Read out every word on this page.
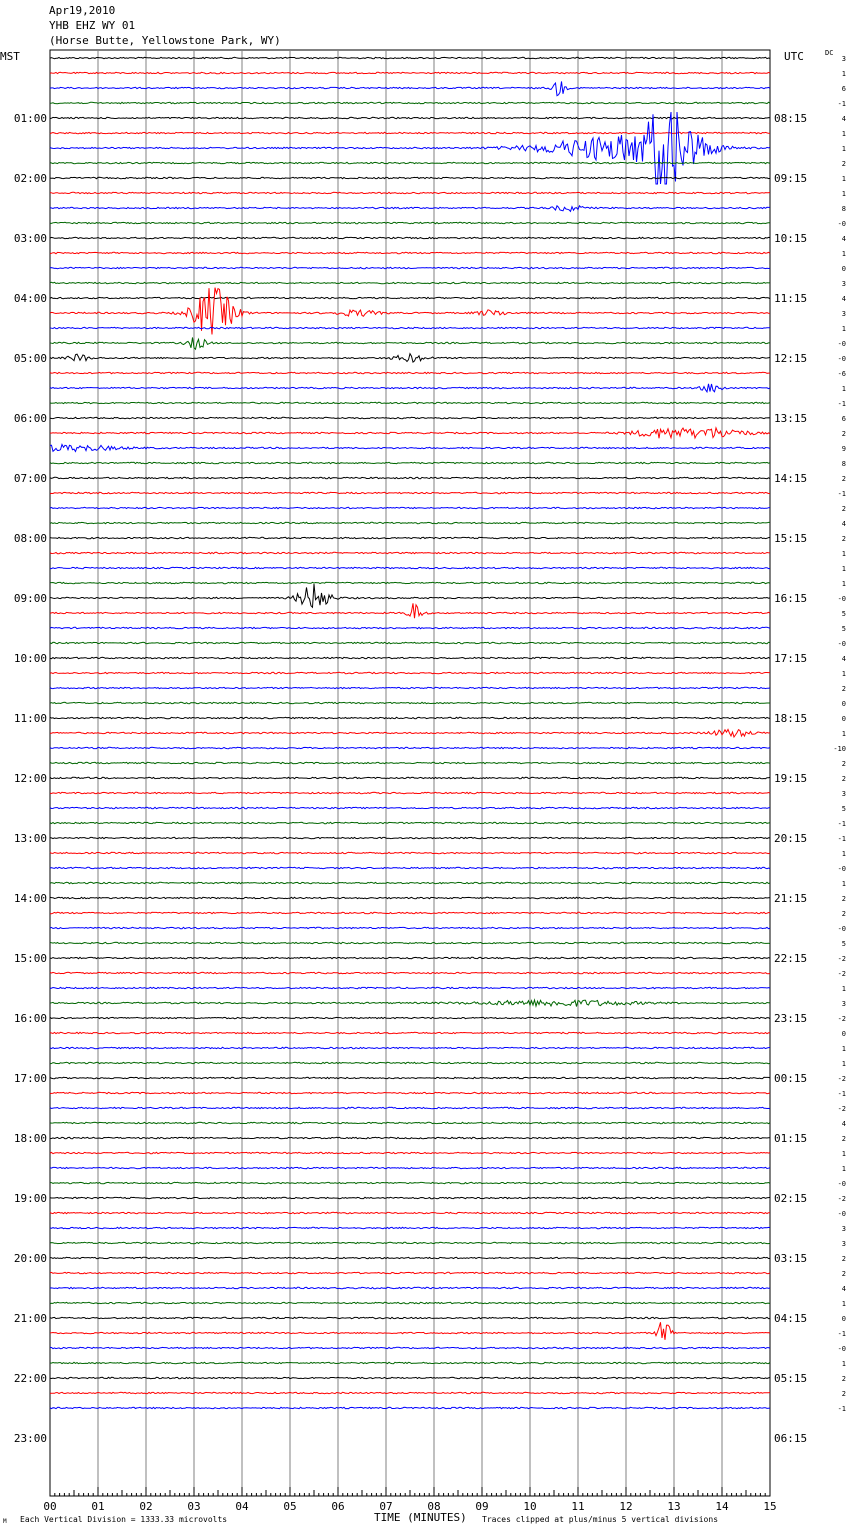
Apr19,2010
YHB EHZ WY 01
(Horse Butte, Yellowstone Park, WY)
MST	UTC	DC
00	01	02	03	04	05	06	07	08	09	10	11	12	13	14	15
3
1
6
-1
4
1
1
2
1
1
8
-0
4
1
0
3
4
3
1
-0
-0
-6
1
-1
6
2
9
8
2
-1
2
4
2
1
1
1
-0
5
5
-0
4
1
2
0
0
1
-10
2
2
3
5
-1
-1
1
-0
1
2
2
-0
5
-2
-2
1
3
-2
0
1
1
-2
-1
-2
4
2
1
1
-0
-2
-0
3
3
2
2
4
1
0
-1
-0
1
2
2
-1
01:00
02:00
03:00
04:00
05:00
06:00
07:00
08:00
09:00
10:00
11:00
12:00
13:00
14:00
15:00
16:00
17:00
18:00
19:00
20:00
21:00
22:00
23:00
08:15
09:15
10:15
11:15
12:15
13:15
14:15
15:15
16:15
17:15
18:15
19:15
20:15
21:15
22:15
23:15
00:15
01:15
02:15
03:15
04:15
05:15
06:15
M Each Vertical Division = 1333.33 microvolts	TIME (MINUTES) Traces clipped at plus/minus 5 vertical divisions
